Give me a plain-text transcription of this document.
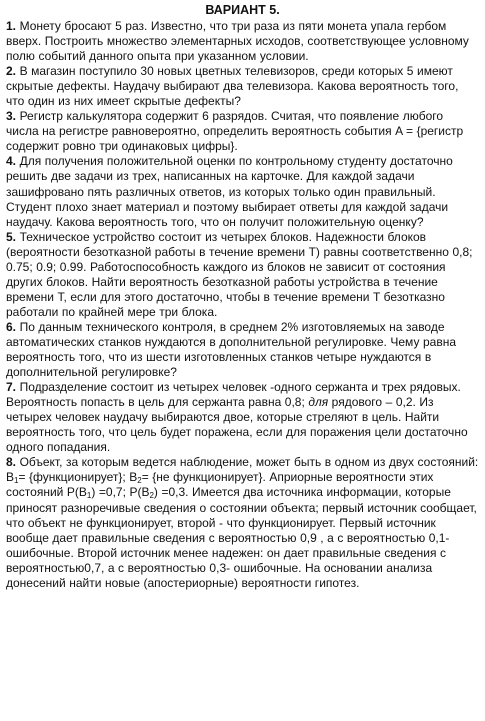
ВАРИАНТ 5.

1. Монету бросают 5 раз. Известно, что три раза из пяти монета упала гербом вверх. Построить множество элементарных исходов, соответствующее условному полю событий данного опыта при указанном условии.

2. В магазин поступило 30 новых цветных телевизоров, среди которых 5 имеют скрытые дефекты. Наудачу выбирают два телевизора. Какова вероятность того, что один из них имеет скрытые дефекты?

3. Регистр калькулятора содержит 6 разрядов. Считая, что появление любого числа на регистре равновероятно, определить вероятность события A = {регистр содержит ровно три одинаковых цифры}.

4. Для получения положительной оценки по контрольному студенту достаточно решить две задачи из трех, написанных на карточке. Для каждой задачи зашифровано пять различных ответов, из которых только один правильный. Студент плохо знает материал и поэтому выбирает ответы для каждой задачи наудачу. Какова вероятность того, что он получит положительную оценку?

5. Техническое устройство состоит из четырех блоков. Надежности блоков (вероятности безотказной работы в течение времени T) равны соответственно 0,8; 0.75; 0.9; 0.99. Работоспособность каждого из блоков не зависит от состояния других блоков. Найти вероятность безотказной работы устройства в течение времени T, если для этого достаточно, чтобы в течение времени T безотказно работали по крайней мере три блока.

6. По данным технического контроля, в среднем 2% изготовляемых на заводе автоматических станков нуждаются в дополнительной регулировке. Чему равна вероятность того, что из шести изготовленных станков четыре нуждаются в дополнительной регулировке?

7. Подразделение состоит из четырех человек -одного сержанта и трех рядовых. Вероятность попасть в цель для сержанта равна 0,8; для рядового – 0,2. Из четырех человек наудачу выбираются двое, которые стреляют в цель. Найти вероятность того, что цель будет поражена, если для поражения цели достаточно одного попадания.

8. Объект, за которым ведется наблюдение, может быть в одном из двух состояний: $B_1=$ {функционирует}; $B_2= \{не$ функционирует}. Априорные вероятности этих состояний $P(B_1) =0,7$; $P(B_2) =0,3$. Имеется два источника информации, которые приносят разноречивые сведения о состоянии объекта; первый источник сообщает, что объект не функционирует, второй - что функционирует. Первый источник вообще дает правильные сведения с вероятностью 0,9 , а с вероятностью 0,1- ошибочные. Второй источник менее надежен: он дает правильные сведения с вероятностью0,7, а с вероятностью 0,3- ошибочные. На основании анализа донесений найти новые (апостериорные) вероятности гипотез.
